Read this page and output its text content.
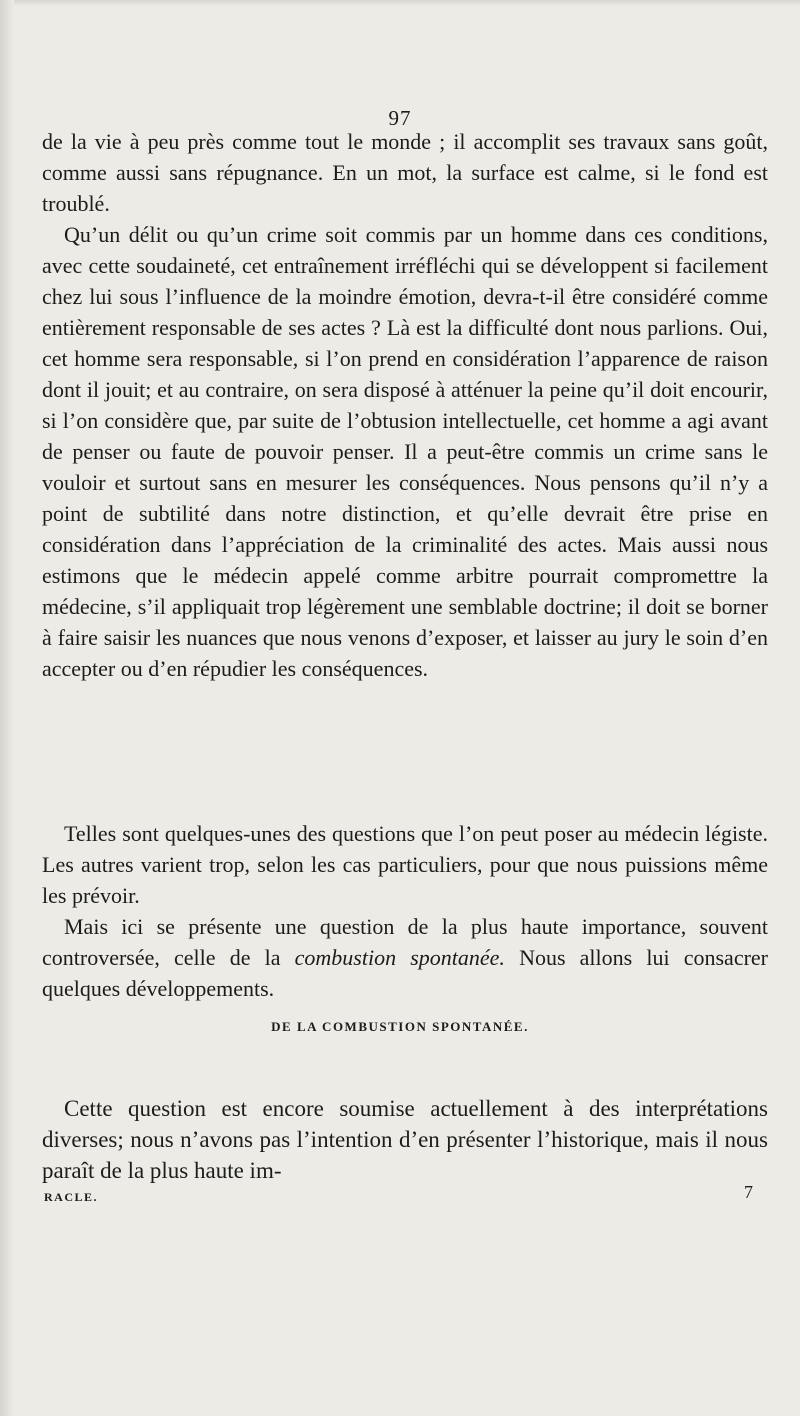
97

de la vie à peu près comme tout le monde ; il accomplit ses travaux sans goût, comme aussi sans répugnance. En un mot, la surface est calme, si le fond est troublé.

Qu’un délit ou qu’un crime soit commis par un homme dans ces conditions, avec cette soudaineté, cet entraînement irréfléchi qui se développent si facilement chez lui sous l’influence de la moindre émotion, devra-t-il être considéré comme entièrement responsable de ses actes ? Là est la difficulté dont nous parlions. Oui, cet homme sera responsable, si l’on prend en considération l’apparence de raison dont il jouit; et au contraire, on sera disposé à atténuer la peine qu’il doit encourir, si l’on considère que, par suite de l’obtusion intellectuelle, cet homme a agi avant de penser ou faute de pouvoir penser. Il a peut-être commis un crime sans le vouloir et surtout sans en mesurer les conséquences. Nous pensons qu’il n’y a point de subtilité dans notre distinction, et qu’elle devrait être prise en considération dans l’appréciation de la criminalité des actes. Mais aussi nous estimons que le médecin appelé comme arbitre pourrait compromettre la médecine, s’il appliquait trop légèrement une semblable doctrine; il doit se borner à faire saisir les nuances que nous venons d’exposer, et laisser au jury le soin d’en accepter ou d’en répudier les conséquences.

Telles sont quelques-unes des questions que l’on peut poser au médecin légiste. Les autres varient trop, selon les cas particuliers, pour que nous puissions même les prévoir.

Mais ici se présente une question de la plus haute importance, souvent controversée, celle de la combustion spontanée. Nous allons lui consacrer quelques développements.

DE LA COMBUSTION SPONTANÉE.

Cette question est encore soumise actuellement à des interprétations diverses; nous n’avons pas l’intention d’en présenter l’historique, mais il nous paraît de la plus haute im-

RACLE.	7
